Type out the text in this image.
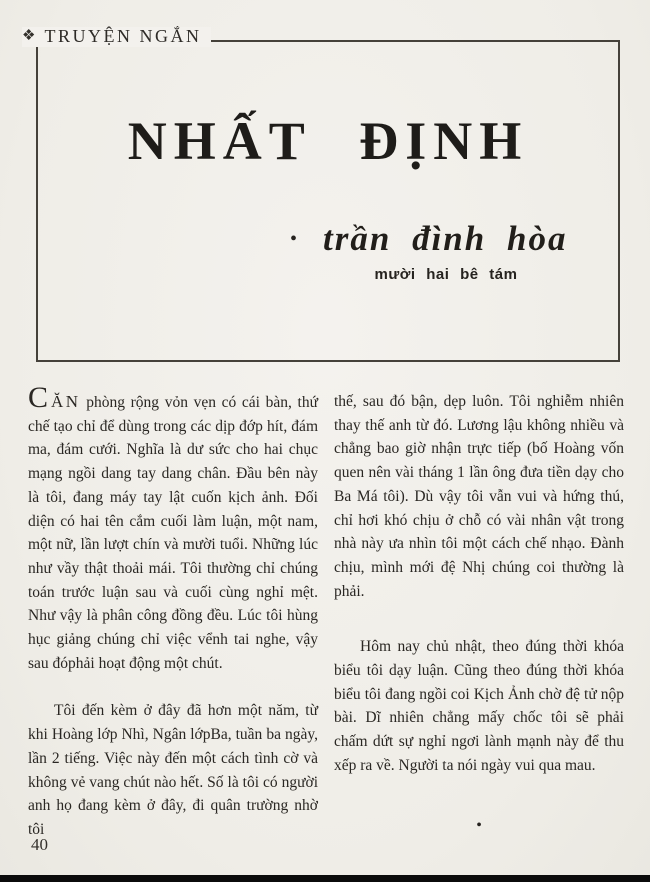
❖ TRUYỆN NGẮN
NHẤT ĐỊNH
• trần đình hòa
mười hai bê tám

CĂN phòng rộng vỏn vẹn có cái bàn, thứ chế tạo chỉ để dùng trong các dịp đớp hít, đám ma, đám cưới. Nghĩa là dư sức cho hai chục mạng ngồi dang tay dang chân. Đầu bên này là tôi, đang máy tay lật cuốn kịch ảnh. Đối diện có hai tên cắm cuối làm luận, một nam, một nữ, lần lượt chín và mười tuổi. Những lúc như vầy thật thoải mái. Tôi thường chỉ chúng toán trước luận sau và cuối cùng nghỉ mệt. Như vậy là phân công đồng đều. Lúc tôi hùng hục giảng chúng chỉ việc vểnh tai nghe, vậy sau đóphải hoạt động một chút.

Tôi đến kèm ở đây đã hơn một năm, từ khi Hoàng lớp Nhì, Ngân lớpBa, tuần ba ngày, lần 2 tiếng. Việc này đến một cách tình cờ và không vẻ vang chút nào hết. Số là tôi có người anh họ đang kèm ở đây, đi quân trường nhờ tôi

thế, sau đó bận, dẹp luôn. Tôi nghiễm nhiên thay thế anh từ đó. Lương lậu không nhiều và chẳng bao giờ nhận trực tiếp (bố Hoàng vốn quen nên vài tháng 1 lần ông đưa tiền dạy cho Ba Má tôi). Dù vậy tôi vẫn vui và hứng thú, chỉ hơi khó chịu ở chỗ có vài nhân vật trong nhà này ưa nhìn tôi một cách chế nhạo. Đành chịu, mình mới đệ Nhị chúng coi thường là phải.

Hôm nay chủ nhật, theo đúng thời khóa biểu tôi dạy luận. Cũng theo đúng thời khóa biểu tôi đang ngồi coi Kịch Ảnh chờ đệ tử nộp bài. Dĩ nhiên chẳng mấy chốc tôi sẽ phải chấm dứt sự nghỉ ngơi lành mạnh này để thu xếp ra về. Người ta nói ngày vui qua mau.

•
40
